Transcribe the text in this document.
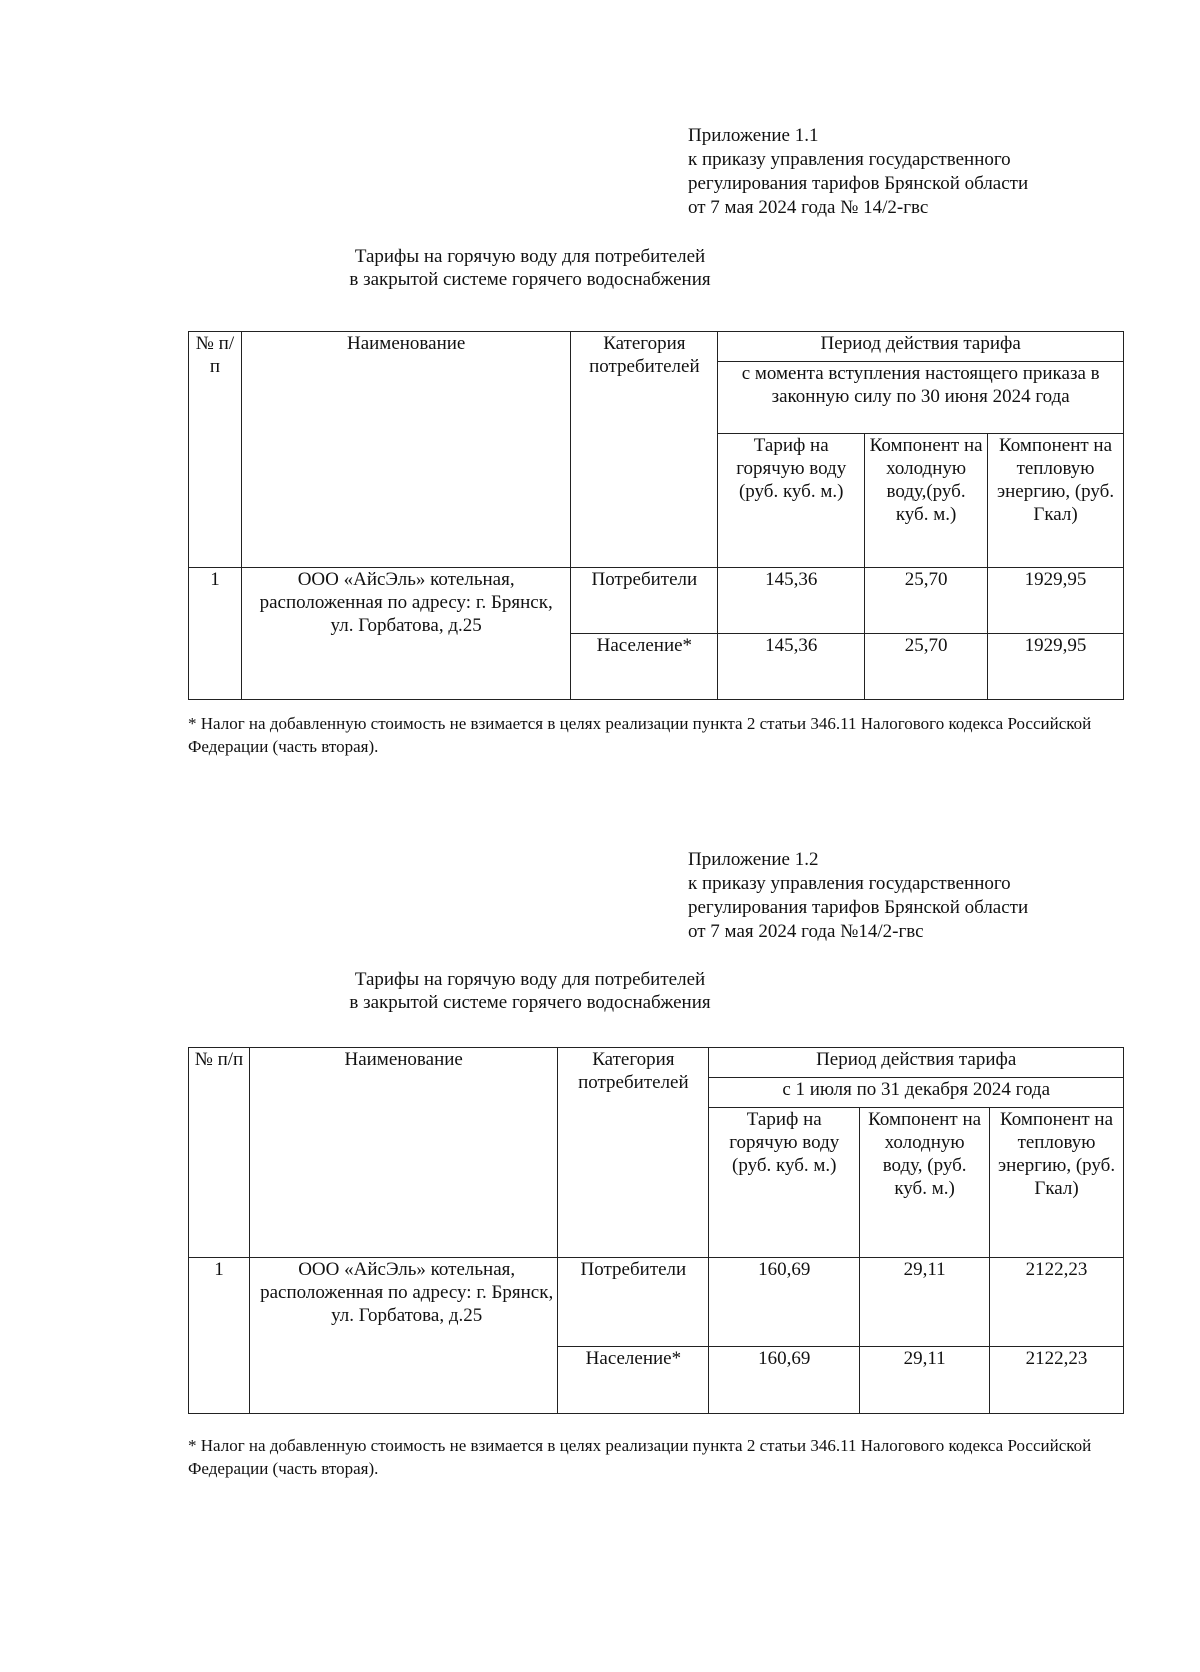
Приложение 1.1
к приказу управления государственного
регулирования тарифов Брянской области
от 7 мая 2024 года № 14/2-гвс
Тарифы на горячую воду для потребителей
в закрытой системе горячего водоснабжения
№ п/п	Наименование	Категория потребителей	Период действия тарифа		
			с момента вступления настоящего приказа в законную силу по 30 июня 2024 года		
			Тариф на горячую воду (руб. куб. м.)	Компонент на холодную воду,(руб. куб. м.)	Компонент на тепловую энергию, (руб. Гкал)
1	ООО «АйсЭль» котельная, расположенная по адресу: г. Брянск, ул. Горбатова, д.25	Потребители	145,36	25,70	1929,95
		Население*	145,36	25,70	1929,95
* Налог на добавленную стоимость не взимается в целях реализации пункта 2 статьи 346.11 Налогового кодекса Российской Федерации (часть вторая).
Приложение 1.2
к приказу управления государственного
регулирования тарифов Брянской области
от 7 мая 2024 года №14/2-гвс
Тарифы на горячую воду для потребителей
в закрытой системе горячего водоснабжения
№ п/п	Наименование	Категория потребителей	Период действия тарифа		
			с 1 июля по 31 декабря 2024 года		
			Тариф на горячую воду (руб. куб. м.)	Компонент на холодную воду, (руб. куб. м.)	Компонент на тепловую энергию, (руб. Гкал)
1	ООО «АйсЭль» котельная, расположенная по адресу: г. Брянск, ул. Горбатова, д.25	Потребители	160,69	29,11	2122,23
		Население*	160,69	29,11	2122,23
* Налог на добавленную стоимость не взимается в целях реализации пункта 2 статьи 346.11 Налогового кодекса Российской Федерации (часть вторая).
